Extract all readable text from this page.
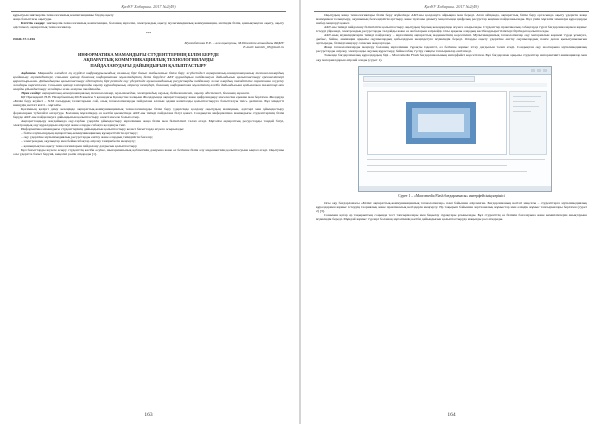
ҚазҰУ Хабаршы. 2017 №2(49)

құрылуын зияткерлік-технологиялық компетенцияны біздің оқыту

жаңа бағыттағы оқытуды.

Кілттік сөздер: зияткерлік-технологиялық компетенция, болашақ мұғалім, электрондық оқыту, мультимедиялық коммуникация, мәтіндік білім, қашықтықтан оқыту, оқыту әдістемесі, ақпараттық технологиялар.

***

ӘОЖ 37.1.016

Мусанбетова Е.Е. – аға оқытушы, М.Өтемісов атындағы БҚМУ

E-mail: kamish_93@mail.ru

ИНФОРМАТИКА МАМАНДЫҒЫ СТУДЕНТТЕРІНІҢ БІЛІМ БЕРУДЕ
АҚПАРАТТЫҚ КОММУНИКАЦИЯЛЫҚ ТЕХНОЛОГИЯЛАРДЫ
ПАЙДАЛАНУДАҒЫ ДАЙЫНДЫҒЫН ҚАЛЫПТАСТЫРУ

Аңдатпа. Мақалада әлемдегі ең күрделі инфрақұрылымдық саланың бірі болып табылатын білім беру жүйесіндегі ақпараттық-коммуникациялық технологиялардың қолданылу мүмкіндіктері, сонымен қатар болашақ информатика мұғалімдерінің білім берудегі АКТ құралдарын пайдалануға дайындығын қалыптастыру ерекшеліктері қарастырылған. Дайындықты қалыптастыру әдістерінің бірі ретінде оқу үдерісінде мультимедиялық ресурстарды пайдалану және олардың тиімділігіне сараптама жүргізу жолдары көрсетілген. Сонымен қатар электронды оқыту құралдарының әзірлену кезеңдері, болашақ информатика мұғалімінің кәсіби дайындығына қойылатын талаптар мен оларды ұйымдастыру жолдары жан-жақты талданады.

Тірек сөздер: ақпараттық-коммуникациялық технологиялар, мультимедиа, электрондық оқулық, бейнеконтент, оқыту әдістемесі, болашақ мұғалім.

ҚР Президенті Н.Ә. Назарбаевтың 2018 жылғы 5 қазандағы Қазақстан халқына Жолдауында ақпараттандыру және цифрландыру мәселесіне ерекше мән берілген. Жолдауда «Білім беру жүйесі – ХХІ ғасырдың талаптарына сай, озық технологияларды пайдалана алатын адами капиталды қалыптастыруға бағытталуы тиіс» делінген. Бұл міндетті шешудің негізгі кілті – мұғалім.

Қоғамның қазіргі даму кезеңінде ақпараттық-коммуникациялық технологияларды білім беру үдерісінде қолдану оқытудың мазмұнын, әдістері мен ұйымдастыру формаларын түбегейлі өзгертуде. Болашақ мұғалімдер өз кәсіби қызметінде АКТ-ны тиімді пайдалана білуі қажет. Сондықтан информатика мамандығы студенттерінің білім беруде АКТ-ны пайдалануға дайындығын қалыптастыру өзекті мәселе болып отыр.

Ақпараттандыру жағдайында оқу-тәрбие үдерісін ұйымдастыру мұғалімнен жаңа білім мен біліктілікті талап етеді. Мұғалім ақпараттық ресурстарды таңдай білуі, электрондық оқу құралдарын әзірлеуі және оларды сабақта қолдануы тиіс.

Информатика мамандығы студенттерінің дайындығын қалыптастыру келесі бағыттарда жүзеге асырылады:

– білім алушылардың ақпараттық-коммуникациялық құзыреттілігін арттыру;

– оқу үдерісіне мультимедиялық ресурстарды енгізу және олардың тиімділігін бағалау;

– электрондық оқулықтар мен бейнесабақтар әзірлеу тәжірибесін меңгерту;

– қашықтықтан оқыту технологияларын пайдалану дағдысын қалыптастыру.

Бұл бағыттарды жүзеге асыру студенттің кәсіби өсуіне, шығармашылық қабілетінің дамуына және өз бетінше білім алу мәдениетінің қалыптасуына ықпал етеді. Оқытушы осы үдерісте бағыт беруші, кеңесші рөлін атқарады [1].

163
ҚазҰУ Хабаршы. 2017 №2(49)

Оқытудың жаңа технологиялары білім беру жүйесінде АКТ-ны қолдануға айрықша мән береді. Атап айтқанда, ақпараттық білім беру ортасында оқыту үдерісін жаңа мазмұнмен толықтыру, оқушының белсенділігін арттыру, жеке тұлғаны дамыту мақсатында цифрлық ресурстар кеңінен пайдаланылады. Бұл үшін мұғалім заманауи құралдарды шебер меңгеруі қажет.

АКТ-ны тиімді пайдалану біліктілігін қалыптастыру оқытудың барлық кезеңдерінде жүзеге асырылады. Студенттер практикалық сабақтарда түрлі бағдарламалармен жұмыс істеуді үйренеді, электрондық ресурстарды талдайды және өз жобаларын әзірлейді. Осы арқылы олардың кәсіби құзыреттіліктері біртіндеп қалыптасады.

АКТ-ның мүмкіндіктерін тиімді пайдалану – мұғалімнің ақпараттық мәдениетінің көрсеткіші. Мультимедиялық технологиялар оқу материалын көрнекі түрде ұсынуға, дыбыс, бейне, анимация арқылы оқушылардың қабылдауын жеңілдетуге мүмкіндік береді. Оларды оқыту үдерісіне енгізу оқушылардың пәнге деген қызығушылығын арттырады, білімді меңгеру сапасын жақсартады.

Жаңа технологияларды меңгеру болашақ мұғалімнен тұрақты ізденісті, өз бетінше жұмыс істеу дағдысын талап етеді. Сондықтан оқу жоспарына мультимедиялық ресурстарды әзірлеу, электронды оқулық құрастыру, бейнесабақ түсіру сияқты тапсырмалар енгізіледі.

Төменде бағдарламалық құралдардың бірі – Macromedia Flash бағдарламасының интерфейсі көрсетілген. Бұл бағдарлама арқылы студенттер интерактивті анимациялар мен оқу материалдарын әзірлей алады (сурет 1).

Сурет 1 – «Macromedia Flash бағдарламасы» интерфейсінің көрінісі

Осы оқу бағдарламасы «Білім: ақпараттық-коммуникациялық технологиялар» пәні бойынша әзірленген. Бағдарламаның негізгі мақсаты – студенттерге мультимедиялық құралдармен жұмыс істеудің теориялық және практикалық негіздерін меңгерту. Әр тақырып бойынша зертханалық жұмыстар мен өзіндік жұмыс тапсырмалары берілген (сурет 2) [3].

Сонымен қатар әр тақырыптың соңында тест тапсырмалары мен бақылау сұрақтары ұсынылады. Бұл студенттің өз білімін бағалауына және кемшіліктерін анықтауына мүмкіндік береді. Мұндай жұмыс түрлері болашақ мұғалімнің кәсіби дайындығын қалыптастыруда маңызды рөл атқарады.

164
